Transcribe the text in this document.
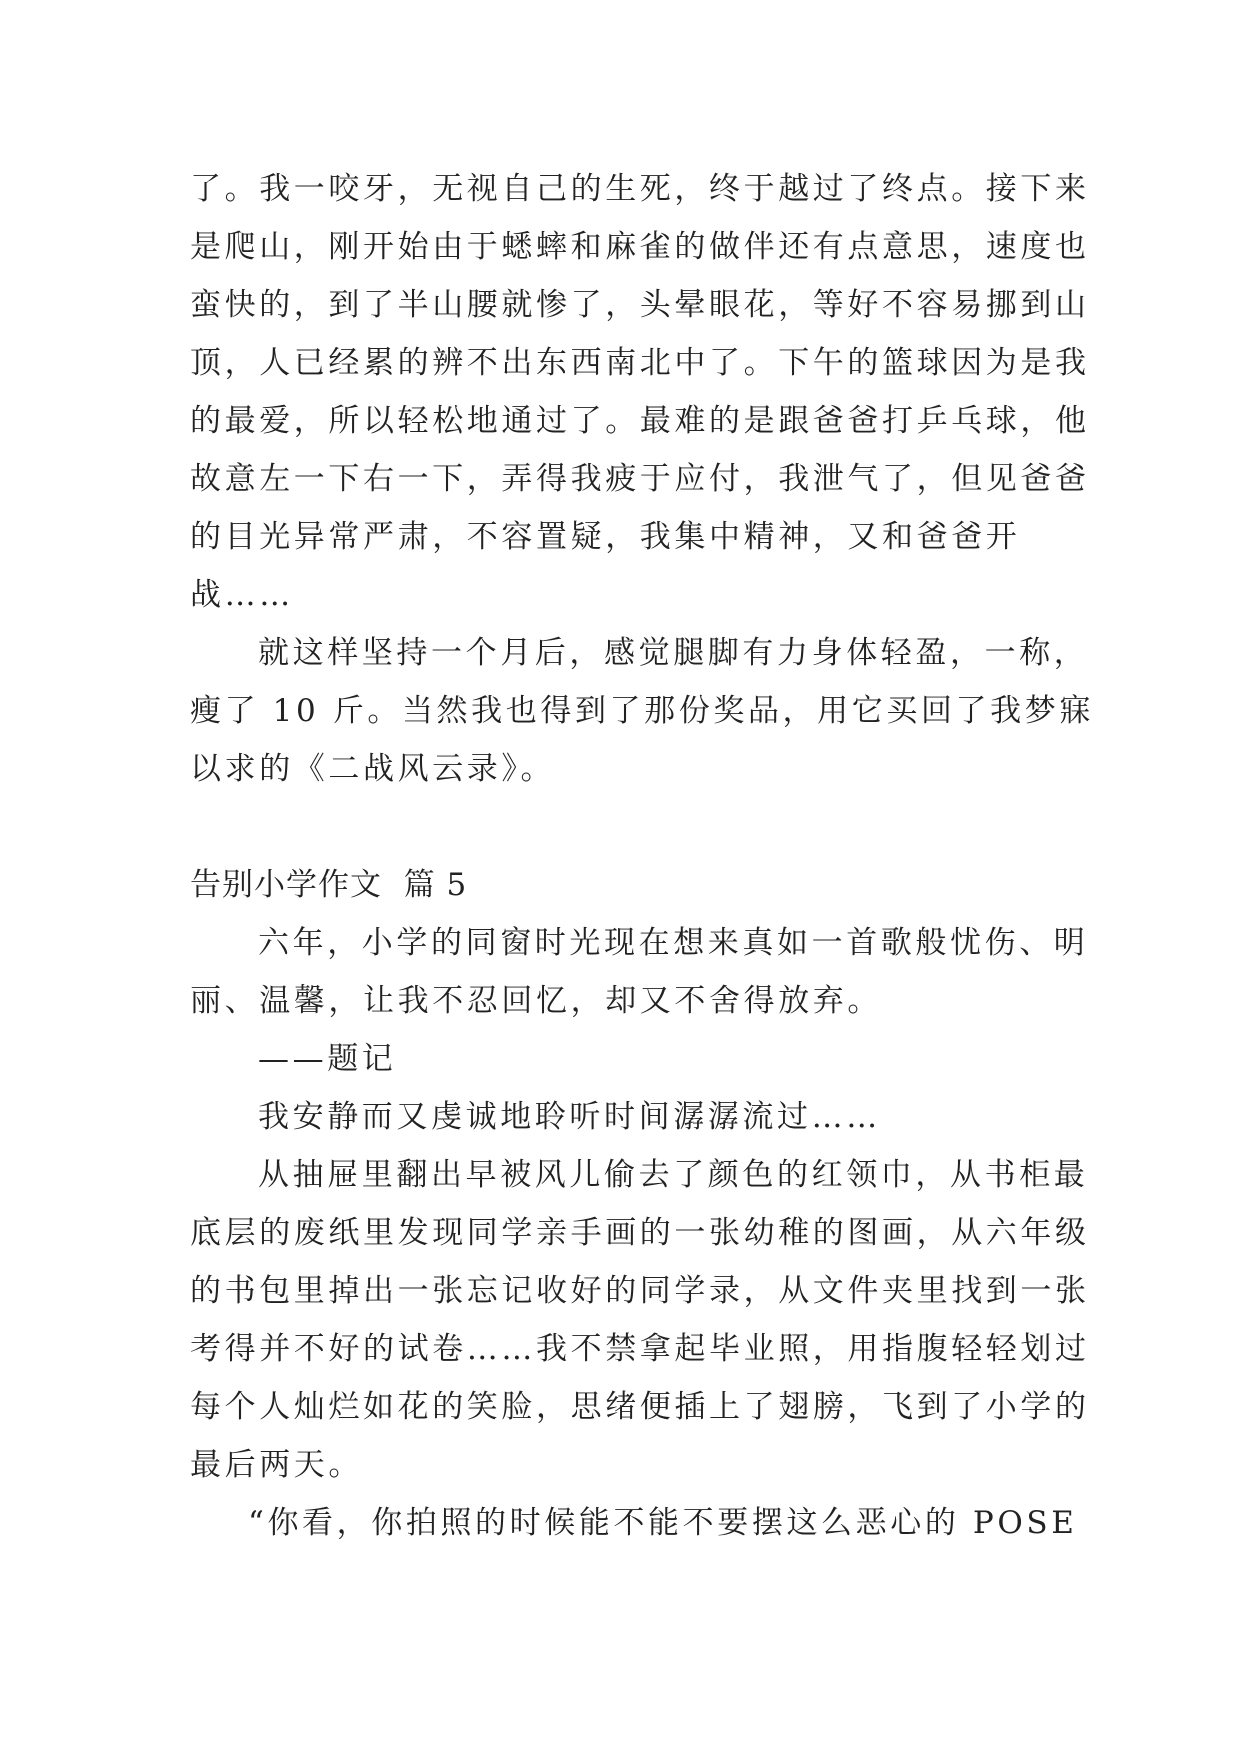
了。我一咬牙，无视自己的生死，终于越过了终点。接下来
是爬山，刚开始由于蟋蟀和麻雀的做伴还有点意思，速度也
蛮快的，到了半山腰就惨了，头晕眼花，等好不容易挪到山
顶，人已经累的辨不出东西南北中了。下午的篮球因为是我
的最爱，所以轻松地通过了。最难的是跟爸爸打乒乓球，他
故意左一下右一下，弄得我疲于应付，我泄气了，但见爸爸
的目光异常严肃，不容置疑，我集中精神，又和爸爸开
战……
就这样坚持一个月后，感觉腿脚有力身体轻盈，一称，
瘦了 10 斤。当然我也得到了那份奖品，用它买回了我梦寐
以求的《二战风云录》。
告别小学作文  篇 5
六年，小学的同窗时光现在想来真如一首歌般忧伤、明
丽、温馨，让我不忍回忆，却又不舍得放弃。
——题记
我安静而又虔诚地聆听时间潺潺流过……
从抽屉里翻出早被风儿偷去了颜色的红领巾，从书柜最
底层的废纸里发现同学亲手画的一张幼稚的图画，从六年级
的书包里掉出一张忘记收好的同学录，从文件夹里找到一张
考得并不好的试卷……我不禁拿起毕业照，用指腹轻轻划过
每个人灿烂如花的笑脸，思绪便插上了翅膀，飞到了小学的
最后两天。
“你看，你拍照的时候能不能不要摆这么恶心的 POSE
